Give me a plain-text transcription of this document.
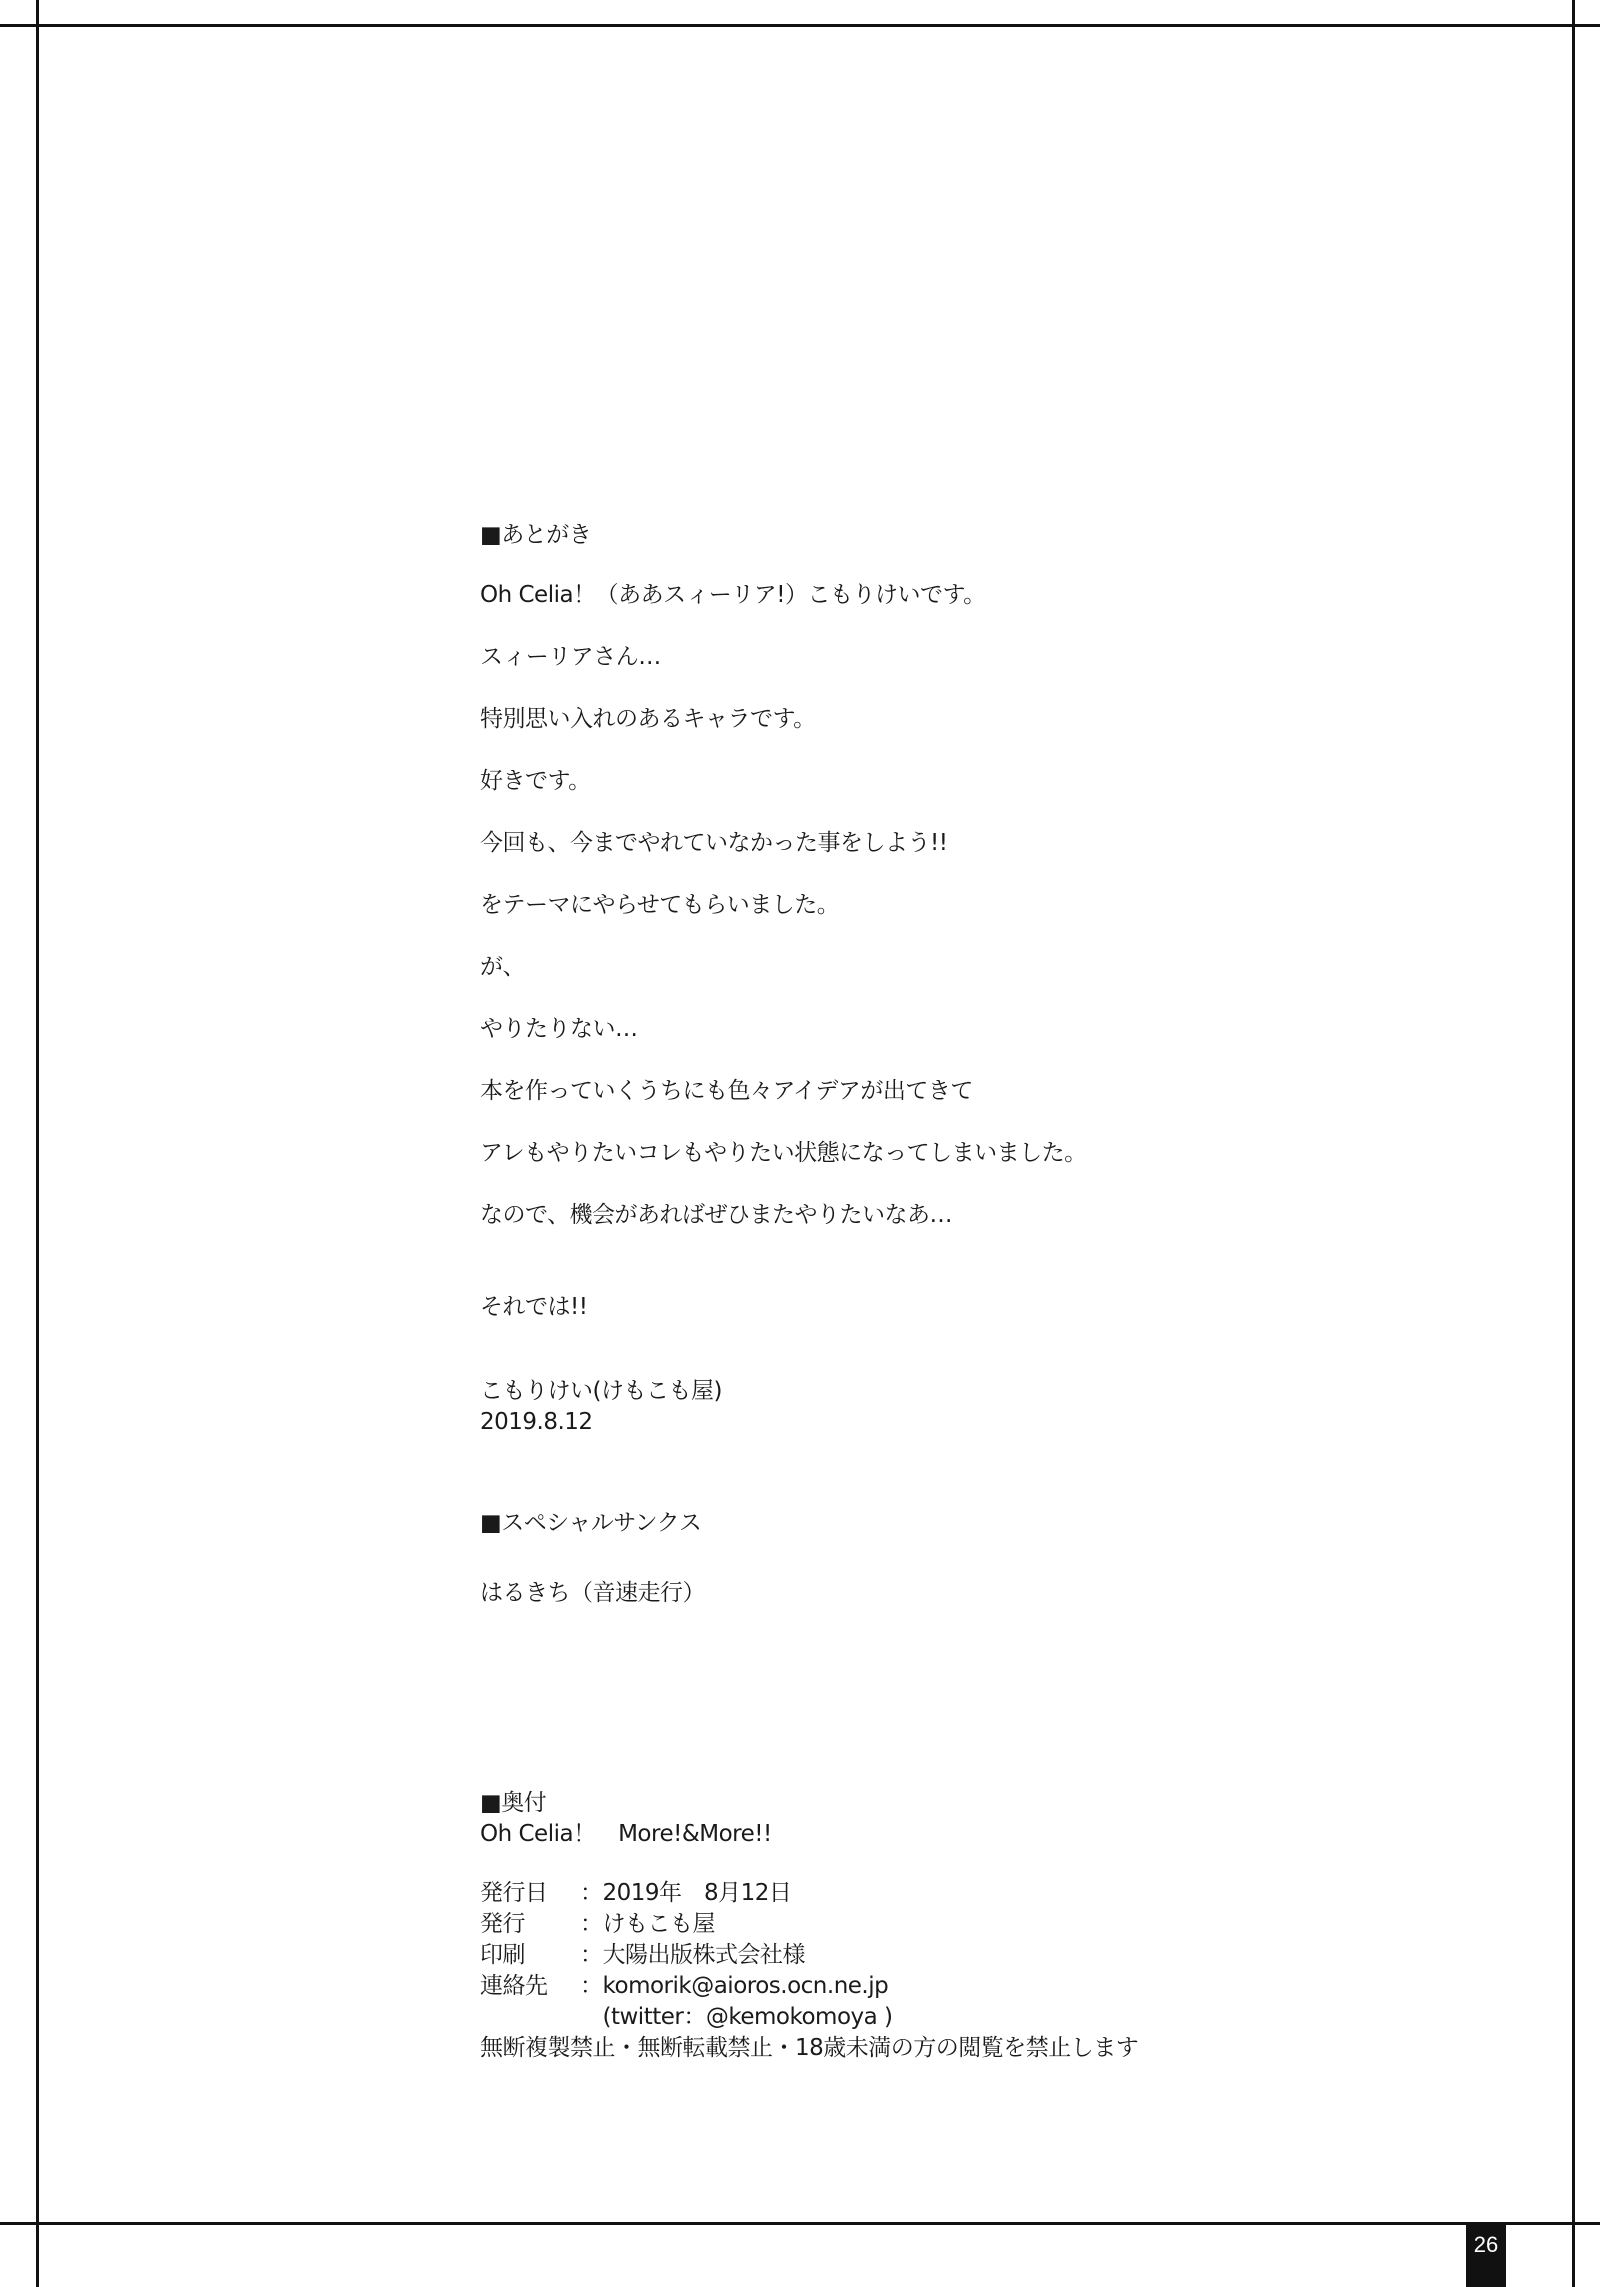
■あとがき
Oh Celia！（ああスィーリア!）こもりけいです。
スィーリアさん…
特別思い入れのあるキャラです。
好きです。
今回も、今までやれていなかった事をしよう!!
をテーマにやらせてもらいました。
が、
やりたりない…
本を作っていくうちにも色々アイデアが出てきて
アレもやりたいコレもやりたい状態になってしまいました。
なので、機会があればぜひまたやりたいなあ…
それでは!!
こもりけい(けもこも屋)
2019.8.12
■スペシャルサンクス
はるきち（音速走行）
■奥付
Oh Celia！　More!&More!!
発行日	：2019年　8月12日
発行	：けもこも屋
印刷	：大陽出版株式会社様
連絡先	：komorik@aioros.ocn.ne.jp
　(twitter：@kemokomoya )
無断複製禁止・無断転載禁止・18歳未満の方の閲覧を禁止します
26
